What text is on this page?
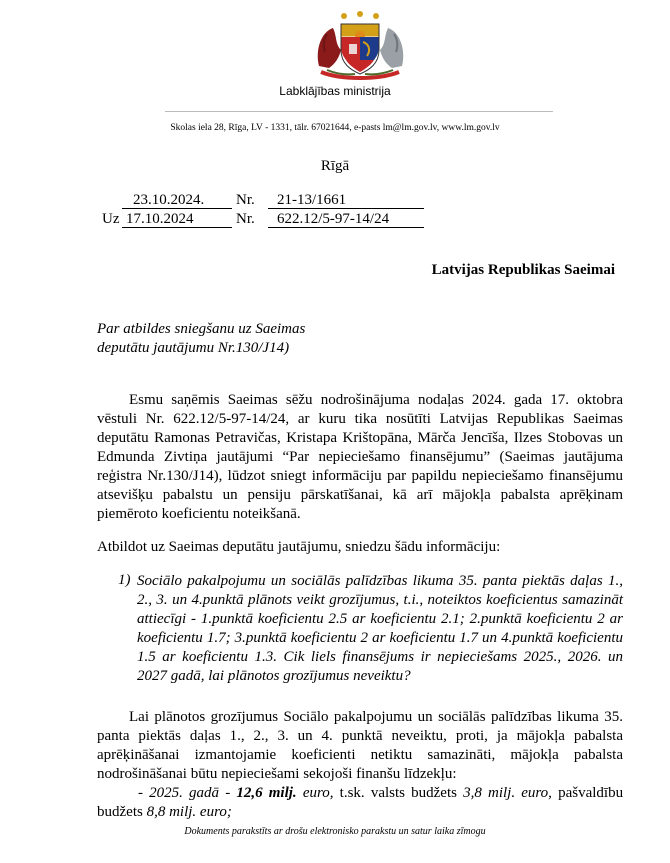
Labklājības ministrija
Skolas iela 28, Rīga, LV - 1331, tālr. 67021644, e-pasts lm@lm.gov.lv, www.lm.gov.lv
Rīgā
23.10.2024. Nr. 21-13/1661
Uz 17.10.2024	Nr. 622.12/5-97-14/24
Latvijas Republikas Saeimai
Par atbildes sniegšanu uz Saeimas
deputātu jautājumu Nr.130/J14)
Esmu saņēmis Saeimas sēžu nodrošinājuma nodaļas 2024. gada 17. oktobra vēstuli Nr. 622.12/5-97-14/24, ar kuru tika nosūtīti Latvijas Republikas Saeimas deputātu Ramonas Petravičas, Kristapa Krištopāna, Mārča Jencīša, Ilzes Stobovas un Edmunda Zivtiņa jautājumi “Par nepieciešamo finansējumu” (Saeimas jautājuma reģistra Nr.130/J14), lūdzot sniegt informāciju par papildu nepieciešamo finansējumu atsevišķu pabalstu un pensiju pārskatīšanai, kā arī mājokļa pabalsta aprēķinam piemēroto koeficientu noteikšanā.
Atbildot uz Saeimas deputātu jautājumu, sniedzu šādu informāciju:
1) Sociālo pakalpojumu un sociālās palīdzības likuma 35. panta piektās daļas 1., 2., 3. un 4.punktā plānots veikt grozījumus, t.i., noteiktos koeficientus samazināt attiecīgi - 1.punktā koeficientu 2.5 ar koeficientu 2.1; 2.punktā koeficientu 2 ar koeficientu 1.7; 3.punktā koeficientu 2 ar koeficientu 1.7 un 4.punktā koeficientu 1.5 ar koeficientu 1.3. Cik liels finansējums ir nepieciešams 2025., 2026. un 2027 gadā, lai plānotos grozījumus neveiktu?
Lai plānotos grozījumus Sociālo pakalpojumu un sociālās palīdzības likuma 35. panta piektās daļas 1., 2., 3. un 4. punktā neveiktu, proti, ja mājokļa pabalsta aprēķināšanai izmantojamie koeficienti netiktu samazināti, mājokļa pabalsta nodrošināšanai būtu nepieciešami sekojoši finanšu līdzekļu:
- 2025. gadā - 12,6 milj. euro, t.sk. valsts budžets 3,8 milj. euro, pašvaldību budžets 8,8 milj. euro;
Dokuments parakstīts ar drošu elektronisko parakstu un satur laika zīmogu
